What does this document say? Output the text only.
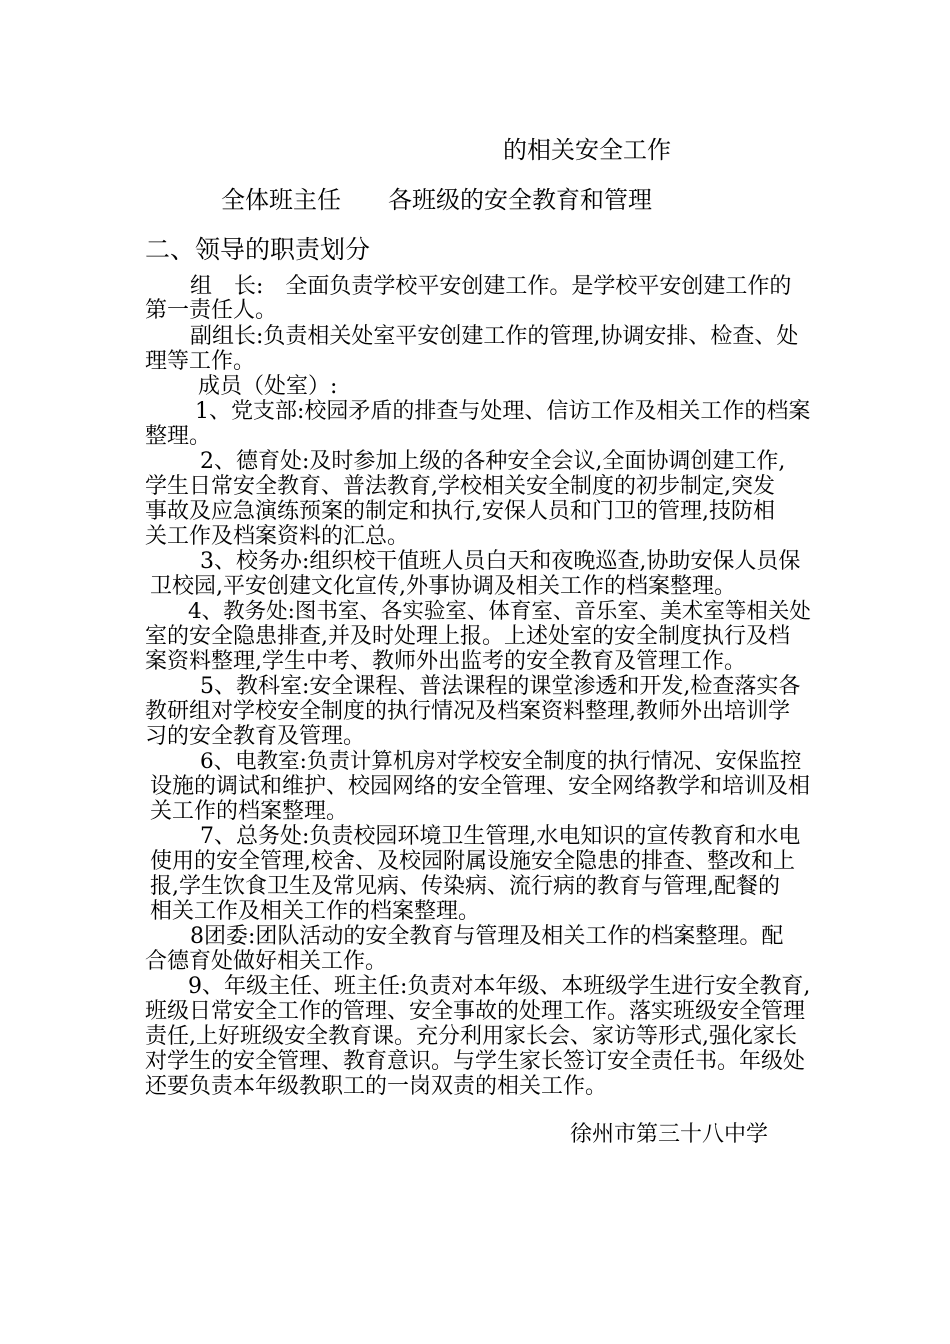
的相关安全工作

全体班主任 各班级的安全教育和管理

二、领导的职责划分

组　长:　全面负责学校平安创建工作。是学校平安创建工作的

第一责任人。

副组长:负责相关处室平安创建工作的管理,协调安排、检查、处

理等工作。

成员（处室）:

1、党支部:校园矛盾的排查与处理、信访工作及相关工作的档案

整理。

2、德育处:及时参加上级的各种安全会议,全面协调创建工作,

学生日常安全教育、普法教育,学校相关安全制度的初步制定,突发

事故及应急演练预案的制定和执行,安保人员和门卫的管理,技防相

关工作及档案资料的汇总。

3、校务办:组织校干值班人员白天和夜晚巡查,协助安保人员保

卫校园,平安创建文化宣传,外事协调及相关工作的档案整理。

4、教务处:图书室、各实验室、体育室、音乐室、美术室等相关处

室的安全隐患排查,并及时处理上报。上述处室的安全制度执行及档

案资料整理,学生中考、教师外出监考的安全教育及管理工作。

5、教科室:安全课程、普法课程的课堂渗透和开发,检查落实各

教研组对学校安全制度的执行情况及档案资料整理,教师外出培训学

习的安全教育及管理。

6、电教室:负责计算机房对学校安全制度的执行情况、安保监控

设施的调试和维护、校园网络的安全管理、安全网络教学和培训及相

关工作的档案整理。

7、总务处:负责校园环境卫生管理,水电知识的宣传教育和水电

使用的安全管理,校舍、及校园附属设施安全隐患的排查、整改和上

报,学生饮食卫生及常见病、传染病、流行病的教育与管理,配餐的

相关工作及相关工作的档案整理。

8团委:团队活动的安全教育与管理及相关工作的档案整理。配

合德育处做好相关工作。

9、年级主任、班主任:负责对本年级、本班级学生进行安全教育,

班级日常安全工作的管理、安全事故的处理工作。落实班级安全管理

责任,上好班级安全教育课。充分利用家长会、家访等形式,强化家长

对学生的安全管理、教育意识。与学生家长签订安全责任书。年级处

还要负责本年级教职工的一岗双责的相关工作。

徐州市第三十八中学
